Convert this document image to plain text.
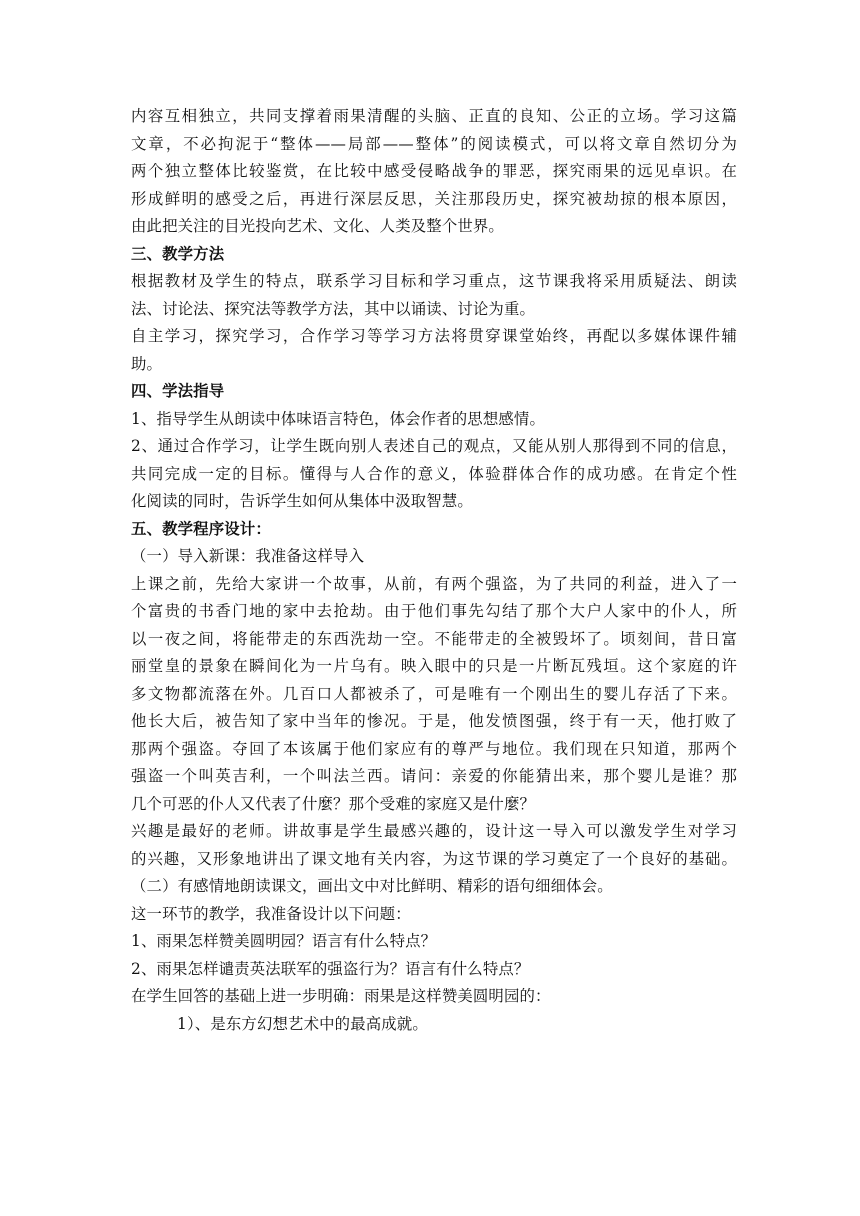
内容互相独立，共同支撑着雨果清醒的头脑、正直的良知、公正的立场。学习这篇
文章，不必拘泥于“整体——局部——整体”的阅读模式，可以将文章自然切分为
两个独立整体比较鉴赏，在比较中感受侵略战争的罪恶，探究雨果的远见卓识。在
形成鲜明的感受之后，再进行深层反思，关注那段历史，探究被劫掠的根本原因，
由此把关注的目光投向艺术、文化、人类及整个世界。
三、教学方法
根据教材及学生的特点，联系学习目标和学习重点，这节课我将采用质疑法、朗读
法、讨论法、探究法等教学方法，其中以诵读、讨论为重。
自主学习，探究学习，合作学习等学习方法将贯穿课堂始终，再配以多媒体课件辅
助。
四、学法指导
1、指导学生从朗读中体味语言特色，体会作者的思想感情。
2、通过合作学习，让学生既向别人表述自己的观点，又能从别人那得到不同的信息，
共同完成一定的目标。懂得与人合作的意义，体验群体合作的成功感。在肯定个性
化阅读的同时，告诉学生如何从集体中汲取智慧。
五、教学程序设计：
（一）导入新课：我准备这样导入
上课之前，先给大家讲一个故事，从前，有两个强盗，为了共同的利益，进入了一
个富贵的书香门地的家中去抢劫。由于他们事先勾结了那个大户人家中的仆人，所
以一夜之间，将能带走的东西洗劫一空。不能带走的全被毁坏了。顷刻间，昔日富
丽堂皇的景象在瞬间化为一片乌有。映入眼中的只是一片断瓦残垣。这个家庭的许
多文物都流落在外。几百口人都被杀了，可是唯有一个刚出生的婴儿存活了下来。
他长大后，被告知了家中当年的惨况。于是，他发愤图强，终于有一天，他打败了
那两个强盗。夺回了本该属于他们家应有的尊严与地位。我们现在只知道，那两个
强盗一个叫英吉利，一个叫法兰西。请问：亲爱的你能猜出来，那个婴儿是谁？那
几个可恶的仆人又代表了什麼？那个受难的家庭又是什麼？
兴趣是最好的老师。讲故事是学生最感兴趣的，设计这一导入可以激发学生对学习
的兴趣，又形象地讲出了课文地有关内容，为这节课的学习奠定了一个良好的基础。
（二）有感情地朗读课文，画出文中对比鲜明、精彩的语句细细体会。
这一环节的教学，我准备设计以下问题：
1、雨果怎样赞美圆明园？语言有什么特点？
2、雨果怎样谴责英法联军的强盗行为？语言有什么特点？
在学生回答的基础上进一步明确：雨果是这样赞美圆明园的：
1）、是东方幻想艺术中的最高成就。
